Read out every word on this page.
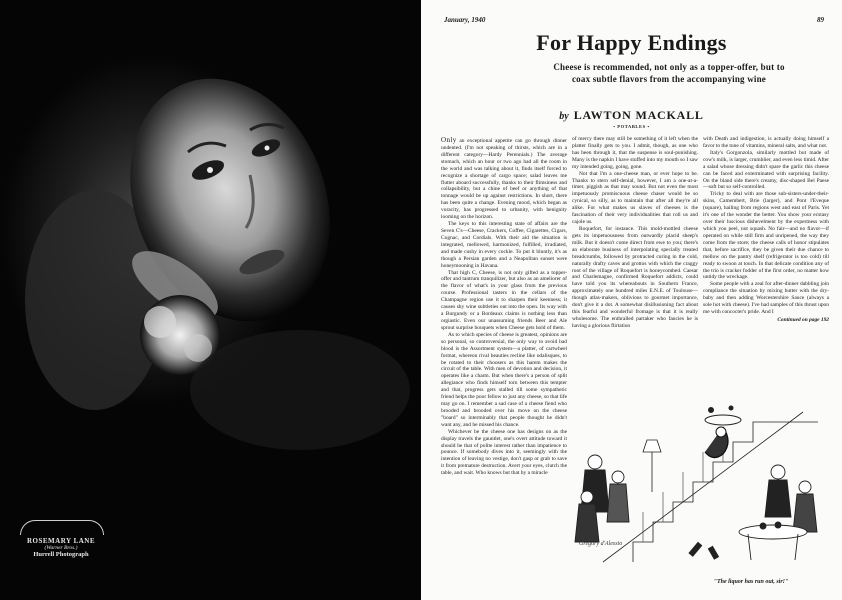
ROSEMARY LANE
(Warner Bros.)
Hurrell Photograph
January, 1940	89
For Happy Endings
Cheese is recommended, not only as a topper-offer, but to coax subtle flavors from the accompanying wine
by LAWTON MACKALL
• POTABLES •

Only an exceptional appetite can go through dinner undented. (I'm not speaking of thirsts, which are in a different category—Hardy Perennials.) The average stomach, which an hour or two ago had all the room in the world and was talking about it, finds itself forced to recognize a shortage of cargo space; salad leaves me flutter aboard successfully, thanks to their flimsiness and collapsibility, but a chine of beef or anything of that tonnage would be up against restrictions. In short, there has been quite a change. Evening mood, which began as voracity, has progressed to urbanity, with benignity looming on the horizon.

The keys to this interesting state of affairs are the Seven C's—Cheese, Crackers, Coffee, Cigarettes, Cigars, Cognac, and Cordials. With their aid the situation is integrated, mellowed, harmonized, fulfilled, irradiated, and made cushy in every cockle. To put it bluntly, it's as though a Persian garden and a Neapolitan sunset were honeymooning in Havana.

That high C, Cheese, is not only gifted as a topper-offer and tantrum tranquilizer, but also as an ameliorer of the flavor of what's in your glass from the previous course. Professional tasters in the cellars of the Champagne region use it to sharpen their keenness; it causes shy wine subtleties out into the open. Its way with a Burgundy or a Bordeaux claims is nothing less than orgiastic. Even our unassuming friends Beer and Ale sprout surprise bouquets when Cheese gets hold of them.

As to which species of cheese is greatest, opinions are so personal, so controversial, the only way to avoid bad blood is the Assortment system—a platter, of cartwheel format, whereon rival beauties recline like odalisques, to be rotated to their choosers as this harem makes the circuit of the table. With men of devotion and decision, it operates like a charm. But when there's a person of split allegiance who finds himself torn between this tempter and that, progress gets stalled till some sympathetic friend helps the poor fellow to just any cheese, so that life may go on. I remember a sad case of a cheese fiend who brooded and brooded over his move on the cheese "board" so interminably that people thought he didn't want any, and he missed his chance.

Whichever be the cheese one has designs on as the display travels the gauntlet, one's overt attitude toward it should be that of polite interest rather than impatience to pounce. If somebody dives into it, seemingly with the intention of leaving no vestige, don't gasp or grab to save it from premature destruction. Avert your eyes, clutch the table, and wait. Who knows but that by a miracle

of mercy there may still be something of it left when the platter finally gets to you. I admit, though, as one who has been through it, that the suspense is soul-punishing. Many is the napkin I have stuffed into my mouth so I saw my intended going, going, gone.

Not that I'm a one-cheese man, or ever hope to be. Thanks to stern self-denial, however, I am a one-at-a-timer, piggish as that may sound. But not even the most impetuously promiscuous cheese chaser would be so cynical, so silly, as to maintain that after all they're all alike. For what makes us slaves of cheeses is the fascination of their very individualities that roll us and cajole us.

Roquefort, for instance. This mold-mottled cheese gets its impetuousness from outwardly placid sheep's milk. But it doesn't come direct from ewe to you; there's an elaborate business of interpolating specially treated breadcrumbs, followed by protracted curing in the cold, naturally drafty caves and grottos with which the craggy root of the village of Roquefort is honeycombed. Caesar and Charlemagne, confirmed Roquefort addicts, could have told you its whereabouts in Southern France, approximately one hundred miles E.N.E. of Toulouse—though atlas-makers, oblivious to gourmet importance, don't give it a dot. A somewhat disillusioning fact about this fearful and wonderful fromage is that it is really wholesome. The enthralled partaker who fancies he is having a glorious flirtation

with Death and indigestion, is actually doing himself a favor to the tune of vitamins, mineral salts, and what not.

Italy's Gorgonzola, similarly mottled but made of cow's milk, is larger, crumblier, and even less timid. After a salad whose dressing didn't spare the garlic this cheese can be faced and exterminated with surprising facility. On the bland side there's creamy, disc-shaped Bel Paese—soft but so self-controlled.

Tricky to deal with are those sub-sisters-under-their-skins, Camembert, Brie (larger), and Pont l'Eveque (square), hailing from regions west and east of Paris. Yet it's one of the wonder the better. You show your ecstasy over their luscious dishevelment by the expertness with which you peel, not squash. No fair—and no flavor—if operated on while still firm and unripened, the way they come from the store; the cheese calls of honor stipulates that, before sacrifice, they be given their due chance to mellow on the pantry shelf (refrigerator is too cold) till ready to swoon at touch. In that delicate condition any of the trio is cracker fodder of the first order, no matter how untidy the wreckage.

Some people with a zeal for after-dinner dabbling join compliance the situation by mixing butter with the dry-baby and then adding Worcestershire Sauce (always a sole hot with cheese). I've had samples of this thrust upon me with concocter's pride. And I

Continued on page 192
Gregory d'Alessio
"The liquor has run out, sir!"
